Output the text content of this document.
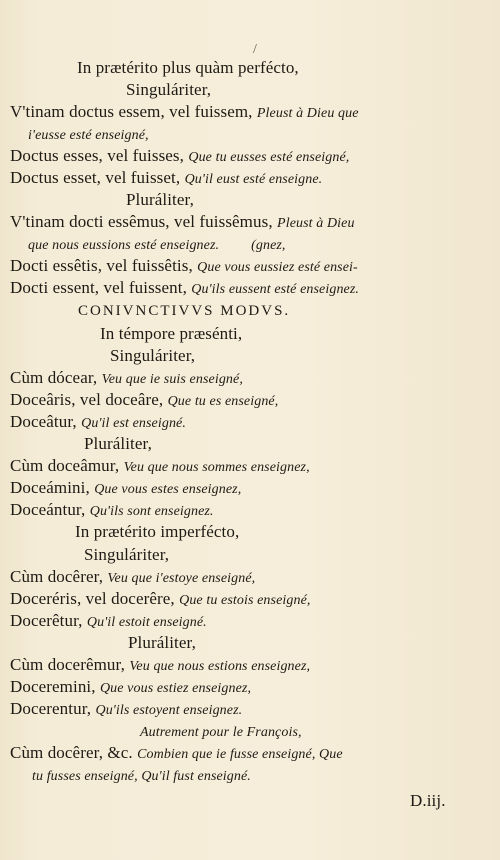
/
In prætérito plus quàm perfécto,
Singuláriter,
V'tinam doctus essem, vel fuissem, Pleust à Dieu que
i'eusse esté enseigné,
Doctus esses, vel fuisses, Que tu eusses esté enseigné,
Doctus esset, vel fuisset, Qu'il eust esté enseigne.
Pluráliter,
V'tinam docti essêmus, vel fuissêmus, Pleust à Dieu
que nous eussions esté enseignez. (gnez,
Docti essêtis, vel fuissêtis, Que vous eussiez esté ensei-
Docti essent, vel fuissent, Qu'ils eussent esté enseignez.
CONIVNCTIVVS MODVS.
In témpore præsénti,
Singuláriter,
Cùm dócear, Veu que ie suis enseigné,
Doceâris, vel doceâre, Que tu es enseigné,
Doceâtur, Qu'il est enseigné.
Pluráliter,
Cùm doceâmur, Veu que nous sommes enseignez,
Doceámini, Que vous estes enseignez,
Doceántur, Qu'ils sont enseignez.
In prætérito imperfécto,
Singuláriter,
Cùm docêrer, Veu que i'estoye enseigné,
Doceréris, vel docerêre, Que tu estois enseigné,
Docerêtur, Qu'il estoit enseigné.
Pluráliter,
Cùm docerêmur, Veu que nous estions enseignez,
Doceremini, Que vous estiez enseignez,
Docerentur, Qu'ils estoyent enseignez.
Autrement pour le François,
Cùm docêrer, &c. Combien que ie fusse enseigné, Que
tu fusses enseigné, Qu'il fust enseigné.
D.iij.
